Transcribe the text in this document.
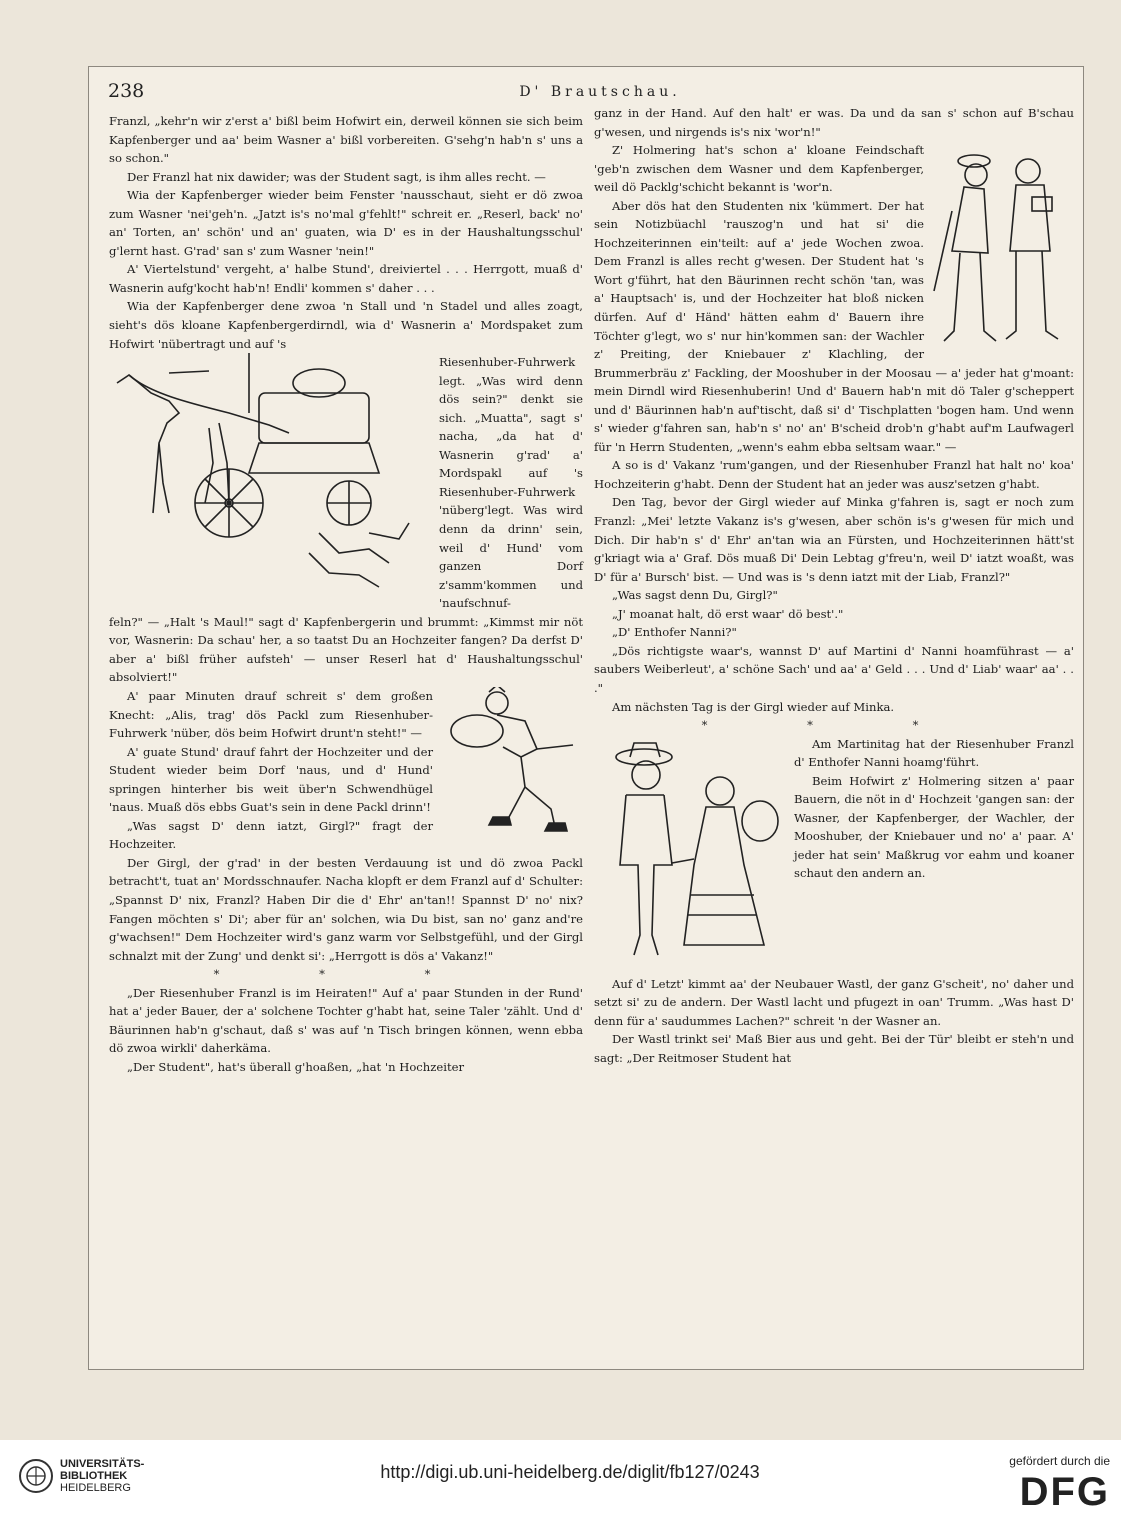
238	D' Brautschau.

Franzl, „kehr'n wir z'erst a' bißl beim Hofwirt ein, derweil können sie sich beim Kapfenberger und aa' beim Wasner a' bißl vorbereiten. G'sehg'n hab'n s' uns a so schon."

Der Franzl hat nix dawider; was der Student sagt, is ihm alles recht. —

Wia der Kapfenberger wieder beim Fenster 'nausschaut, sieht er dö zwoa zum Wasner 'nei'geh'n. „Jatzt is's no'mal g'fehlt!" schreit er. „Reserl, back' no' an' Torten, an' schön' und an' guaten, wia D' es in der Haushaltungsschul' g'lernt hast. G'rad' san s' zum Wasner 'nein!"

A' Viertelstund' vergeht, a' halbe Stund', dreiviertel . . . Herrgott, muaß d' Wasnerin aufg'kocht hab'n! Endli' kommen s' daher . . .

Wia der Kapfenberger dene zwoa 'n Stall und 'n Stadel und alles zoagt, sieht's dös kloane Kapfenbergerdirndl, wia d' Wasnerin a' Mordspaket zum Hofwirt 'nübertragt und auf 's

Riesenhuber-Fuhrwerk legt. „Was wird denn dös sein?" denkt sie sich. „Muatta", sagt s' nacha, „da hat d' Wasnerin g'rad' a' Mordspakl auf 's Riesenhuber-Fuhrwerk 'nüberg'legt. Was wird denn da drinn' sein, weil d' Hund' vom ganzen Dorf z'samm'kommen und 'naufschnuf-

feln?" — „Halt 's Maul!" sagt d' Kapfenbergerin und brummt: „Kimmst mir nöt vor, Wasnerin: Da schau' her, a so taatst Du an Hochzeiter fangen? Da derfst D' aber a' bißl früher aufsteh' — unser Reserl hat d' Haushaltungsschul' absolviert!"

A' paar Minuten drauf schreit s' dem großen Knecht: „Alis, trag' dös Packl zum Riesenhuber-Fuhrwerk 'nüber, dös beim Hofwirt drunt'n steht!" —

A' guate Stund' drauf fahrt der Hochzeiter und der Student wieder beim Dorf 'naus, und d' Hund' springen hinterher bis weit über'n Schwendhügel 'naus. Muaß dös ebbs Guat's sein in dene Packl drinn'!

„Was sagst D' denn iatzt, Girgl?" fragt der Hochzeiter.

Der Girgl, der g'rad' in der besten Verdauung ist und dö zwoa Packl betracht't, tuat an' Mordsschnaufer. Nacha klopft er dem Franzl auf d' Schulter: „Spannst D' nix, Franzl? Haben Dir die d' Ehr' an'tan!! Spannst D' no' nix? Fangen möchten s' Di'; aber für an' solchen, wia Du bist, san no' ganz and're g'wachsen!" Dem Hochzeiter wird's ganz warm vor Selbstgefühl, und der Girgl schnalzt mit der Zung' und denkt si': „Herrgott is dös a' Vakanz!"

* * *

„Der Riesenhuber Franzl is im Heiraten!" Auf a' paar Stunden in der Rund' hat a' jeder Bauer, der a' solchene Tochter g'habt hat, seine Taler 'zählt. Und d' Bäurinnen hab'n g'schaut, daß s' was auf 'n Tisch bringen können, wenn ebba dö zwoa wirkli' daherkäma.

„Der Student", hat's überall g'hoaßen, „hat 'n Hochzeiter

ganz in der Hand. Auf den halt' er was. Da und da san s' schon auf B'schau g'wesen, und nirgends is's nix 'wor'n!"

Z' Holmering hat's schon a' kloane Feindschaft 'geb'n zwischen dem Wasner und dem Kapfenberger, weil dö Packlg'schicht bekannt is 'wor'n.

Aber dös hat den Studenten nix 'kümmert. Der hat sein Notizbüachl 'rauszog'n und hat si' die Hochzeiterinnen ein'teilt: auf a' jede Wochen zwoa. Dem Franzl is alles recht g'wesen. Der Student hat 's Wort g'führt, hat den Bäurinnen recht schön 'tan, was a' Hauptsach' is, und der Hochzeiter hat bloß nicken dürfen. Auf d' Händ' hätten eahm d' Bauern ihre Töchter g'legt, wo s' nur hin'kommen san: der Wachler z' Preiting, der Kniebauer z' Klachling, der Brummerbräu z' Fackling, der Mooshuber in der Moosau — a' jeder hat g'moant: mein Dirndl wird Riesenhuberin! Und d' Bauern hab'n mit dö Taler g'scheppert und d' Bäurinnen hab'n auf'tischt, daß si' d' Tischplatten 'bogen ham. Und wenn s' wieder g'fahren san, hab'n s' no' an' B'scheid drob'n g'habt auf'm Laufwagerl für 'n Herrn Studenten, „wenn's eahm ebba seltsam waar." —

A so is d' Vakanz 'rum'gangen, und der Riesenhuber Franzl hat halt no' koa' Hochzeiterin g'habt. Denn der Student hat an jeder was ausz'setzen g'habt.

Den Tag, bevor der Girgl wieder auf Minka g'fahren is, sagt er noch zum Franzl: „Mei' letzte Vakanz is's g'wesen, aber schön is's g'wesen für mich und Dich. Dir hab'n s' d' Ehr' an'tan wia an Fürsten, und Hochzeiterinnen hätt'st g'kriagt wia a' Graf. Dös muaß Di' Dein Lebtag g'freu'n, weil D' iatzt woaßt, was D' für a' Bursch' bist. — Und was is 's denn iatzt mit der Liab, Franzl?"

„Was sagst denn Du, Girgl?"

„J' moanat halt, dö erst waar' dö best'."

„D' Enthofer Nanni?"

„Dös richtigste waar's, wannst D' auf Martini d' Nanni hoamführast — a' saubers Weiberleut', a' schöne Sach' und aa' a' Geld . . . Und d' Liab' waar' aa' . . ."

Am nächsten Tag is der Girgl wieder auf Minka.

* * *

Am Martinitag hat der Riesenhuber Franzl d' Enthofer Nanni hoamg'führt.

Beim Hofwirt z' Holmering sitzen a' paar Bauern, die nöt in d' Hochzeit 'gangen san: der Wasner, der Kapfenberger, der Wachler, der Mooshuber, der Kniebauer und no' a' paar. A' jeder hat sein' Maßkrug vor eahm und koaner schaut den andern an.

Auf d' Letzt' kimmt aa' der Neubauer Wastl, der ganz G'scheit', no' daher und setzt si' zu de andern. Der Wastl lacht und pfugezt in oan' Trumm. „Was hast D' denn für a' saudummes Lachen?" schreit 'n der Wasner an.

Der Wastl trinkt sei' Maß Bier aus und geht. Bei der Tür' bleibt er steh'n und sagt: „Der Reitmoser Student hat

UNIVERSITÄTS-
BIBLIOTHEK
HEIDELBERG
http://digi.ub.uni-heidelberg.de/diglit/fb127/0243
gefördert durch die
DFG
